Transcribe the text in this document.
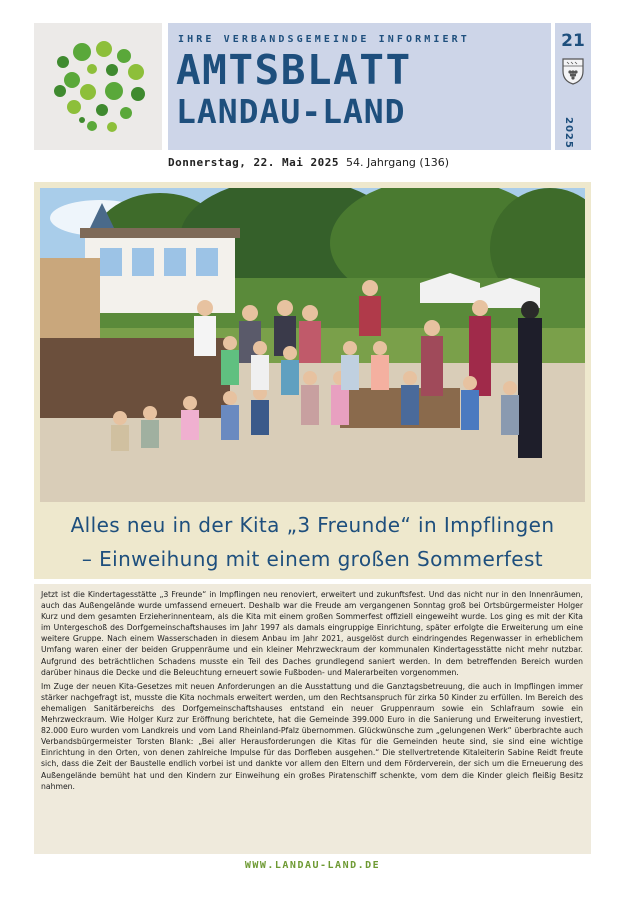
IHRE VERBANDSGEMEINDE INFORMIERT
AMTSBLATT
LANDAU-LAND
21
2025
Donnerstag, 22. Mai 2025 54. Jahrgang (136)
Alles neu in der Kita „3 Freunde“ in Impflingen
– Einweihung mit einem großen Sommerfest

Jetzt ist die Kindertagesstätte „3 Freunde“ in Impflingen neu renoviert, erweitert und zukunftsfest. Und das nicht nur in den Innenräumen, auch das Außengelände wurde umfassend erneuert. Deshalb war die Freude am vergangenen Sonntag groß bei Ortsbürgermeister Holger Kurz und dem gesamten Erzieherinnenteam, als die Kita mit einem großen Sommerfest offiziell eingeweiht wurde. Los ging es mit der Kita im Untergeschoß des Dorfgemeinschaftshauses im Jahr 1997 als damals eingruppige Einrichtung, später erfolgte die Erweiterung um eine weitere Gruppe. Nach einem Wasserschaden in diesem Anbau im Jahr 2021, ausgelöst durch eindringendes Regenwasser in erheblichem Umfang waren einer der beiden Gruppenräume und ein kleiner Mehrzweckraum der kommunalen Kindertagesstätte nicht mehr nutzbar. Aufgrund des beträchtlichen Schadens musste ein Teil des Daches grundlegend saniert werden. In dem betreffenden Bereich wurden darüber hinaus die Decke und die Beleuchtung erneuert sowie Fußboden- und Malerarbeiten vorgenommen.

Im Zuge der neuen Kita-Gesetzes mit neuen Anforderungen an die Ausstattung und die Ganztagsbetreuung, die auch in Impflingen immer stärker nachgefragt ist, musste die Kita nochmals erweitert werden, um den Rechtsanspruch für zirka 50 Kinder zu erfüllen. Im Bereich des ehemaligen Sanitärbereichs des Dorfgemeinschaftshauses entstand ein neuer Gruppenraum sowie ein Schlafraum sowie ein Mehrzweckraum. Wie Holger Kurz zur Eröffnung berichtete, hat die Gemeinde 399.000 Euro in die Sanierung und Erweiterung investiert, 82.000 Euro wurden vom Landkreis und vom Land Rheinland-Pfalz übernommen. Glückwünsche zum „gelungenen Werk“ überbrachte auch Verbandsbürgermeister Torsten Blank: „Bei aller Herausforderungen die Kitas für die Gemeinden heute sind, sie sind eine wichtige Einrichtung in den Orten, von denen zahlreiche Impulse für das Dorfleben ausgehen.“ Die stellvertretende Kitaleiterin Sabine Reidt freute sich, dass die Zeit der Baustelle endlich vorbei ist und dankte vor allem den Eltern und dem Förderverein, der sich um die Erneuerung des Außengelände bemüht hat und den Kindern zur Einweihung ein großes Piratenschiff schenkte, vom dem die Kinder gleich fleißig Besitz nahmen.

WWW.LANDAU-LAND.DE
